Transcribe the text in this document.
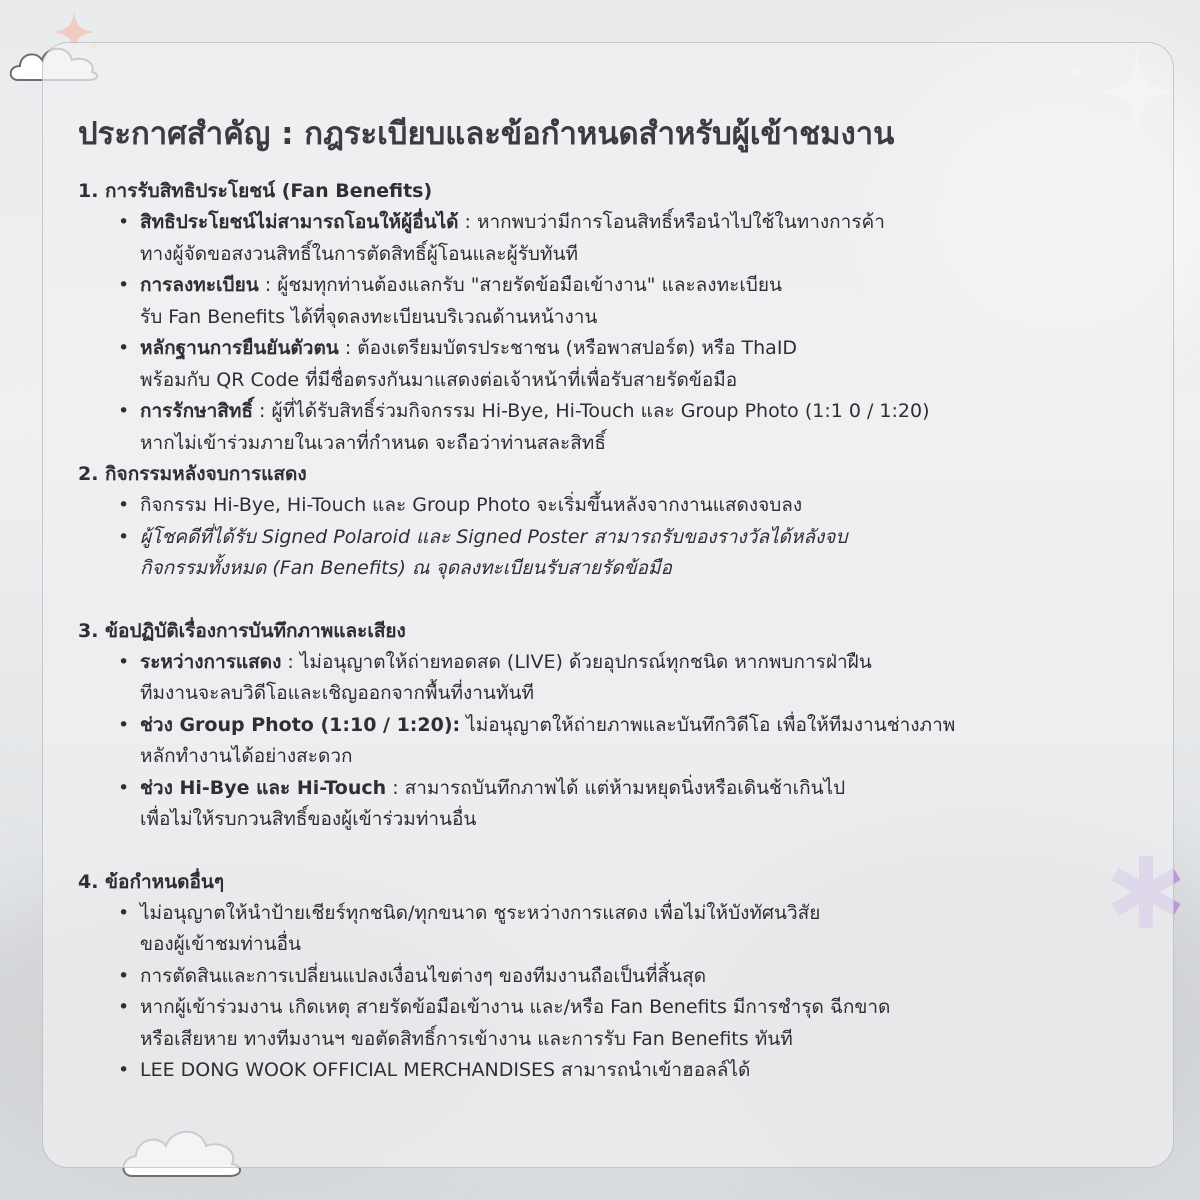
ประกาศสำคัญ : กฎระเบียบและข้อกำหนดสำหรับผู้เข้าชมงาน
1. การรับสิทธิประโยชน์ (Fan Benefits)
• สิทธิประโยชน์ไม่สามารถโอนให้ผู้อื่นได้ : หากพบว่ามีการโอนสิทธิ์หรือนำไปใช้ในทางการค้า
ทางผู้จัดขอสงวนสิทธิ์ในการตัดสิทธิ์ผู้โอนและผู้รับทันที
• การลงทะเบียน : ผู้ชมทุกท่านต้องแลกรับ "สายรัดข้อมือเข้างาน" และลงทะเบียน
รับ Fan Benefits ได้ที่จุดลงทะเบียนบริเวณด้านหน้างาน
• หลักฐานการยืนยันตัวตน : ต้องเตรียมบัตรประชาชน (หรือพาสปอร์ต) หรือ ThaID
พร้อมกับ QR Code ที่มีชื่อตรงกันมาแสดงต่อเจ้าหน้าที่เพื่อรับสายรัดข้อมือ
• การรักษาสิทธิ์ : ผู้ที่ได้รับสิทธิ์ร่วมกิจกรรม Hi-Bye, Hi-Touch และ Group Photo (1:1 0 / 1:20)
หากไม่เข้าร่วมภายในเวลาที่กำหนด จะถือว่าท่านสละสิทธิ์
2. กิจกรรมหลังจบการแสดง
• กิจกรรม Hi-Bye, Hi-Touch และ Group Photo จะเริ่มขึ้นหลังจากงานแสดงจบลง
• ผู้โชคดีที่ได้รับ Signed Polaroid และ Signed Poster สามารถรับของรางวัลได้หลังจบ
กิจกรรมทั้งหมด (Fan Benefits) ณ จุดลงทะเบียนรับสายรัดข้อมือ
3. ข้อปฏิบัติเรื่องการบันทึกภาพและเสียง
• ระหว่างการแสดง : ไม่อนุญาตให้ถ่ายทอดสด (LIVE) ด้วยอุปกรณ์ทุกชนิด หากพบการฝ่าฝืน
ทีมงานจะลบวิดีโอและเชิญออกจากพื้นที่งานทันที
• ช่วง Group Photo (1:10 / 1:20): ไม่อนุญาตให้ถ่ายภาพและบันทึกวิดีโอ เพื่อให้ทีมงานช่างภาพ
หลักทำงานได้อย่างสะดวก
• ช่วง Hi-Bye และ Hi-Touch : สามารถบันทึกภาพได้ แต่ห้ามหยุดนิ่งหรือเดินช้าเกินไป
เพื่อไม่ให้รบกวนสิทธิ์ของผู้เข้าร่วมท่านอื่น
4. ข้อกำหนดอื่นๆ
• ไม่อนุญาตให้นำป้ายเชียร์ทุกชนิด/ทุกขนาด ชูระหว่างการแสดง เพื่อไม่ให้บังทัศนวิสัย
ของผู้เข้าชมท่านอื่น
• การตัดสินและการเปลี่ยนแปลงเงื่อนไขต่างๆ ของทีมงานถือเป็นที่สิ้นสุด
• หากผู้เข้าร่วมงาน เกิดเหตุ สายรัดข้อมือเข้างาน และ/หรือ Fan Benefits มีการชำรุด ฉีกขาด
หรือเสียหาย ทางทีมงานฯ ขอตัดสิทธิ์การเข้างาน และการรับ Fan Benefits ทันที
• LEE DONG WOOK OFFICIAL MERCHANDISES สามารถนำเข้าฮอลล์ได้
